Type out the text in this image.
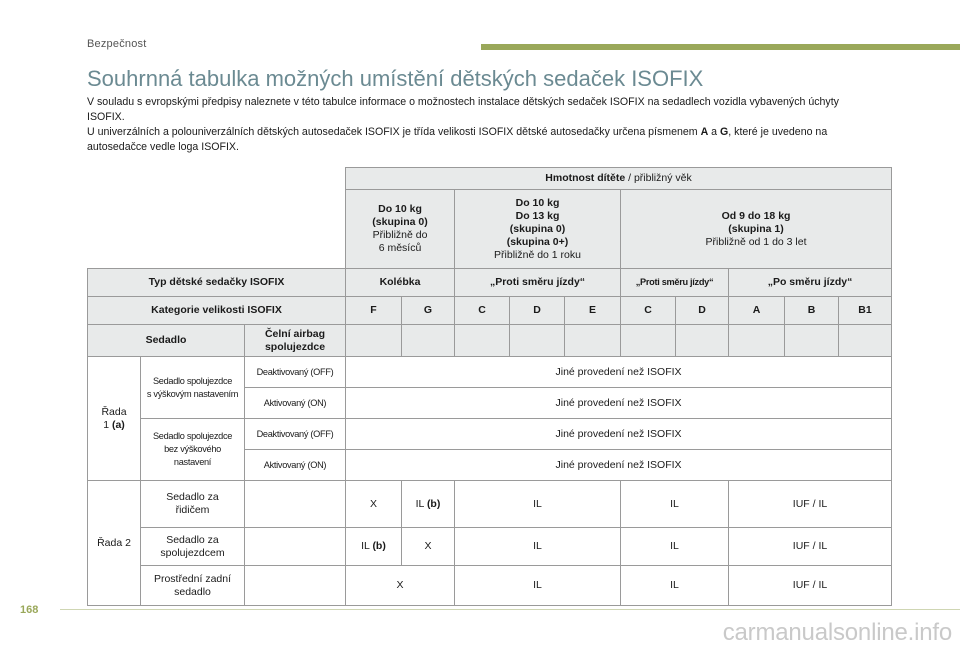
Bezpečnost
Souhrnná tabulka možných umístění dětských sedaček ISOFIX

V souladu s evropskými předpisy naleznete v této tabulce informace o možnostech instalace dětských sedaček ISOFIX na sedadlech vozidla vybavených úchyty ISOFIX.

U univerzálních a polouniverzálních dětských autosedaček ISOFIX je třída velikosti ISOFIX dětské autosedačky určena písmenem A a G, které je uvedeno na autosedačce vedle loga ISOFIX.

			Hmotnost dítěte / přibližný věk									
			Do 10 kg
(skupina 0)
Přibližně do
6 měsíců		Do 10 kg
Do 13 kg
(skupina 0)
(skupina 0+)
Přibližně do 1 roku			Od 9 do 18 kg
(skupina 1)
Přibližně od 1 do 3 let				
Typ dětské sedačky ISOFIX			Kolébka		„Proti směru jízdy“			„Proti směru jízdy“		„Po směru jízdy“		
Kategorie velikosti ISOFIX			F	G	C	D	E	C	D	A	B	B1
Sedadlo		Čelní airbag
spolujezdce										
Řada
1 (a)	Sedadlo spolujezdce
s výškovým nastavením	Deaktivovaný (OFF)	Jiné provedení než ISOFIX									
		Aktivovaný (ON)	Jiné provedení než ISOFIX									
	Sedadlo spolujezdce
bez výškového
nastavení	Deaktivovaný (OFF)	Jiné provedení než ISOFIX									
		Aktivovaný (ON)	Jiné provedení než ISOFIX									
Řada 2	Sedadlo za
řidičem		X	IL (b)	IL			IL		IUF / IL		
	Sedadlo za
spolujezdcem		IL (b)	X	IL			IL		IUF / IL		
	Prostřední zadní
sedadlo		X		IL			IL		IUF / IL		
168
carmanualsonline.info
